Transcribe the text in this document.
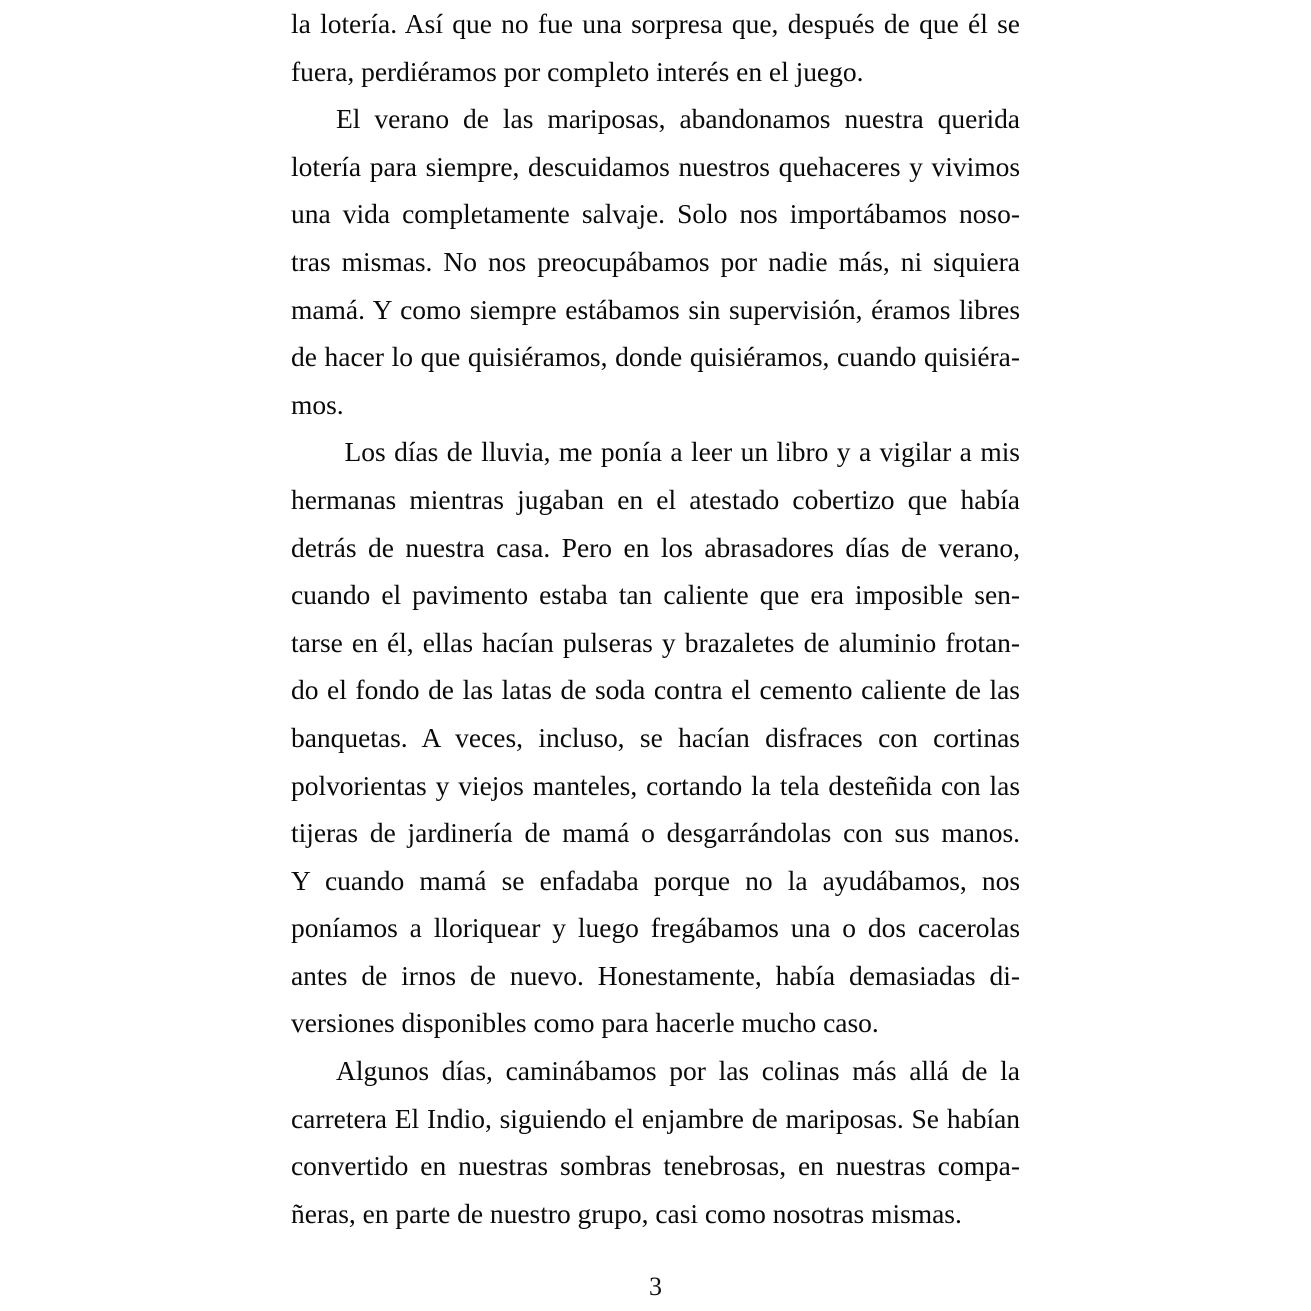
la lotería. Así que no fue una sorpresa que, después de que él se
fuera, perdiéramos por completo interés en el juego.

El verano de las mariposas, abandonamos nuestra querida
lotería para siempre, descuidamos nuestros quehaceres y vivimos
una vida completamente salvaje. Solo nos importábamos noso-
tras mismas. No nos preocupábamos por nadie más, ni siquiera
mamá. Y como siempre estábamos sin supervisión, éramos libres
de hacer lo que quisiéramos, donde quisiéramos, cuando quisiéra-
mos.

Los días de lluvia, me ponía a leer un libro y a vigilar a mis
hermanas mientras jugaban en el atestado cobertizo que había
detrás de nuestra casa. Pero en los abrasadores días de verano,
cuando el pavimento estaba tan caliente que era imposible sen-
tarse en él, ellas hacían pulseras y brazaletes de aluminio frotan-
do el fondo de las latas de soda contra el cemento caliente de las
banquetas. A veces, incluso, se hacían disfraces con cortinas
polvorientas y viejos manteles, cortando la tela desteñida con las
tijeras de jardinería de mamá o desgarrándolas con sus manos.
Y cuando mamá se enfadaba porque no la ayudábamos, nos
poníamos a lloriquear y luego fregábamos una o dos cacerolas
antes de irnos de nuevo. Honestamente, había demasiadas di-
versiones disponibles como para hacerle mucho caso.

Algunos días, caminábamos por las colinas más allá de la
carretera El Indio, siguiendo el enjambre de mariposas. Se habían
convertido en nuestras sombras tenebrosas, en nuestras compa-
ñeras, en parte de nuestro grupo, casi como nosotras mismas.

3
